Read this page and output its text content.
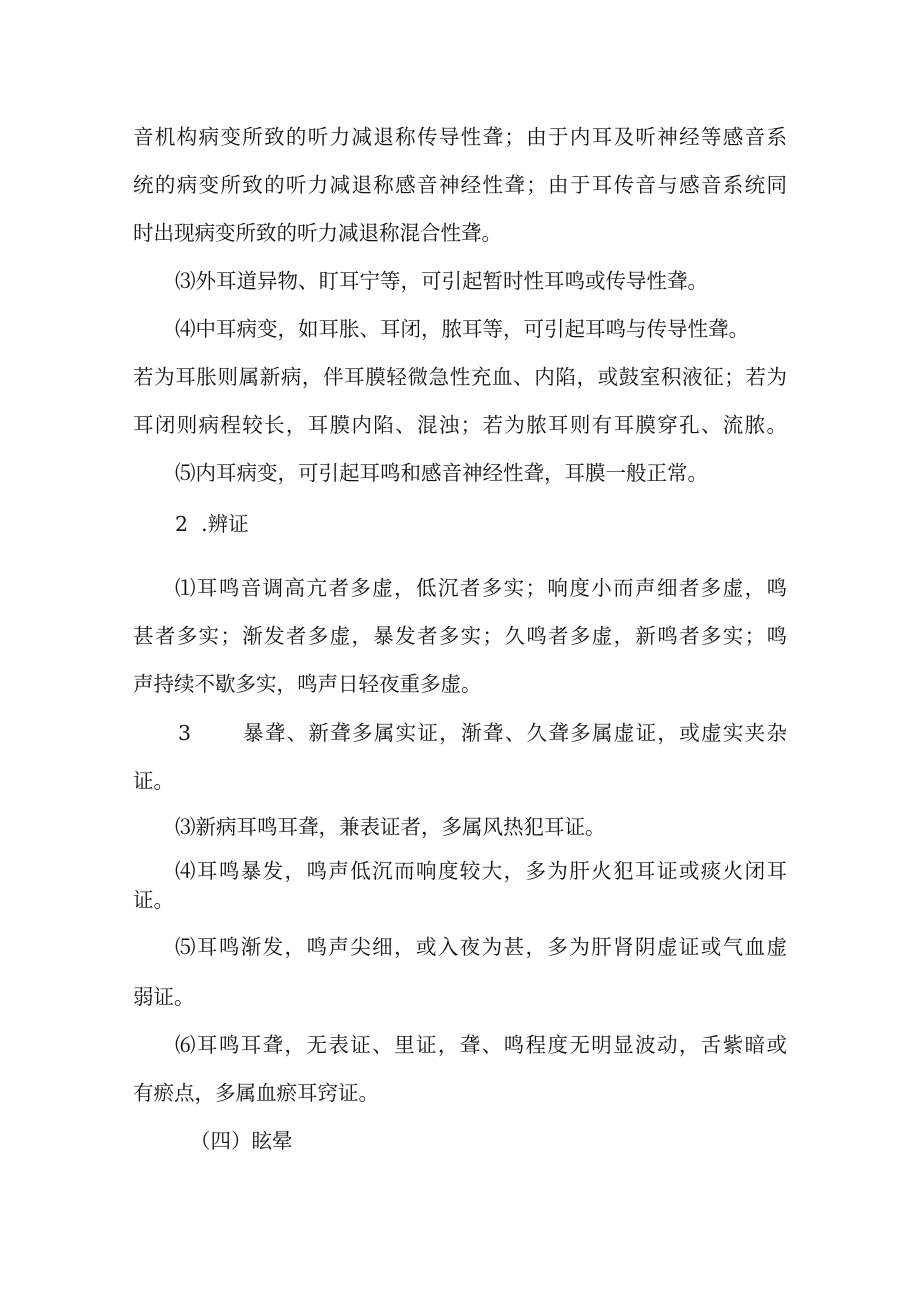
音机构病变所致的听力减退称传导性聋；由于内耳及听神经等感音系

统的病变所致的听力减退称感音神经性聋；由于耳传音与感音系统同

时出现病变所致的听力减退称混合性聋。

⑶外耳道异物、盯耳宁等，可引起暂时性耳鸣或传导性聋。

⑷中耳病变，如耳胀、耳闭，脓耳等，可引起耳鸣与传导性聋。

若为耳胀则属新病，伴耳膜轻微急性充血、内陷，或鼓室积液征；若为

耳闭则病程较长，耳膜内陷、混浊；若为脓耳则有耳膜穿孔、流脓。

⑸内耳病变，可引起耳鸣和感音神经性聋，耳膜一般正常。

2  .辨证

⑴耳鸣音调高亢者多虚，低沉者多实；响度小而声细者多虚，鸣

甚者多实；渐发者多虚，暴发者多实；久鸣者多虚，新鸣者多实；鸣

声持续不歇多实，鸣声日轻夜重多虚。

3	暴聋、新聋多属实证，渐聋、久聋多属虚证，或虚实夹杂

证。

⑶新病耳鸣耳聋，兼表证者，多属风热犯耳证。

⑷耳鸣暴发，鸣声低沉而响度较大，多为肝火犯耳证或痰火闭耳

证。

⑸耳鸣渐发，鸣声尖细，或入夜为甚，多为肝肾阴虚证或气血虚

弱证。

⑹耳鸣耳聋，无表证、里证，聋、鸣程度无明显波动，舌紫暗或

有瘀点，多属血瘀耳窍证。

（四）眩晕
